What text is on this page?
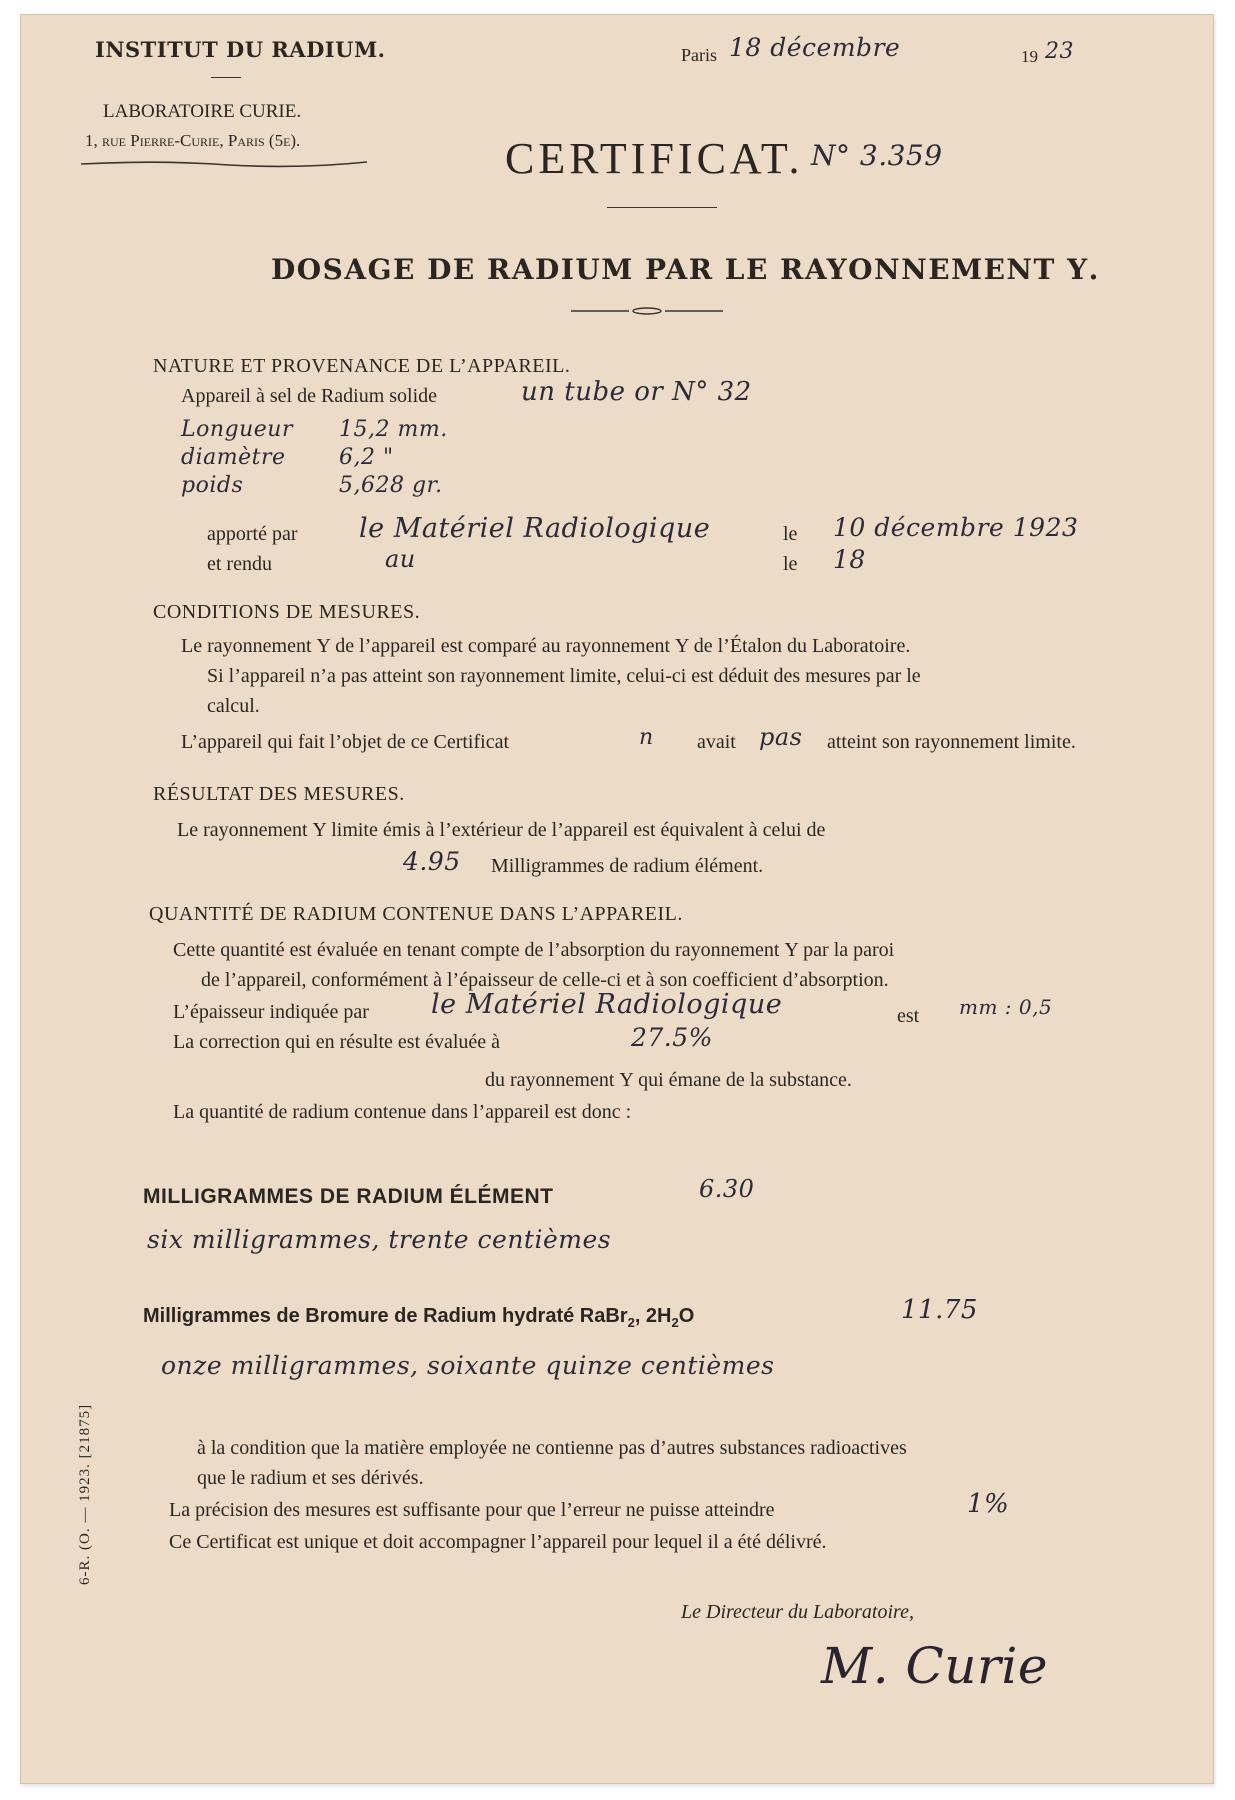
INSTITUT DU RADIUM.
LABORATOIRE CURIE.
1, rue Pierre-Curie, Paris (5e).
Paris 18 décembre	19 23
CERTIFICAT. N° 3.359
DOSAGE DE RADIUM PAR LE RAYONNEMENT Υ.
NATURE ET PROVENANCE DE L’APPAREIL.
Appareil à sel de Radium solide	un tube or N° 32
Longueur 15,2 mm.
diamètre 6,2 "
poids	5,628 gr.
apporté par le Matériel Radiologique	le 10 décembre 1923
et rendu	au	le 18
CONDITIONS DE MESURES.
Le rayonnement Υ de l’appareil est comparé au rayonnement Υ de l’Étalon du Laboratoire.
Si l’appareil n’a pas atteint son rayonnement limite, celui-ci est déduit des mesures par le
calcul.
L’appareil qui fait l’objet de ce Certificat	n avait pas atteint son rayonnement limite.
RÉSULTAT DES MESURES.
Le rayonnement Υ limite émis à l’extérieur de l’appareil est équivalent à celui de
4.95 Milligrammes de radium élément.
QUANTITÉ DE RADIUM CONTENUE DANS L’APPAREIL.
Cette quantité est évaluée en tenant compte de l’absorption du rayonnement Υ par la paroi
de l’appareil, conformément à l’épaisseur de celle-ci et à son coefficient d’absorption.
L’épaisseur indiquée par le Matériel Radiologique	est mm : 0,5
La correction qui en résulte est évaluée à	27.5%
du rayonnement Υ qui émane de la substance.
La quantité de radium contenue dans l’appareil est donc :
MILLIGRAMMES DE RADIUM ÉLÉMENT	6.30
six milligrammes, trente centièmes
Milligrammes de Bromure de Radium hydraté RaBr$_2$, $2H_2O$	11.75
onze milligrammes, soixante quinze centièmes
à la condition que la matière employée ne contienne pas d’autres substances radioactives
que le radium et ses dérivés.
La précision des mesures est suffisante pour que l’erreur ne puisse atteindre	1%
Ce Certificat est unique et doit accompagner l’appareil pour lequel il a été délivré.
Le Directeur du Laboratoire,
M. Curie
6-R. (O. — 1923. [21875]
